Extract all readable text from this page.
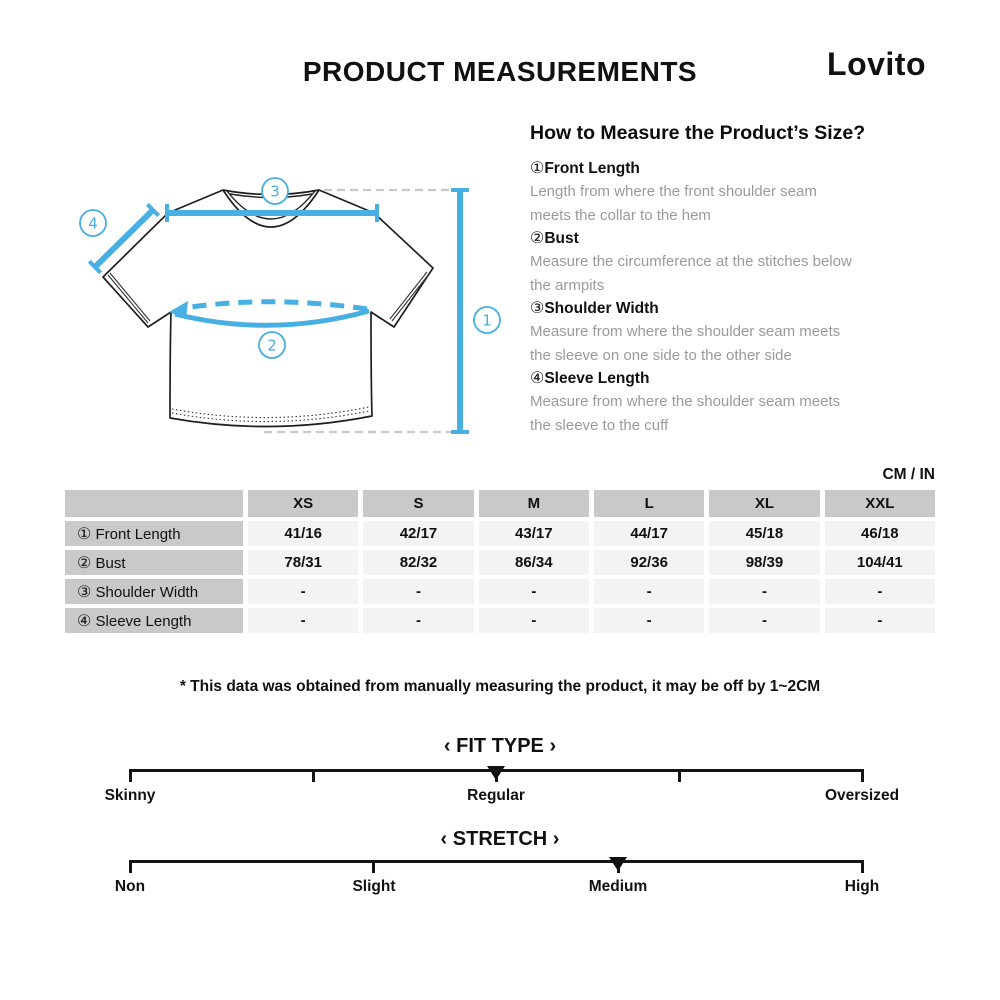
PRODUCT MEASUREMENTS	Lovito
3
4
2
1
How to Measure the Product’s Size?
①Front Length
Length from where the front shoulder seam
meets the collar to the hem
②Bust
Measure the circumference at the stitches below
the armpits
③Shoulder Width
Measure from where the shoulder seam meets
the sleeve on one side to the other side
④Sleeve Length
Measure from where the shoulder seam meets
the sleeve to the cuff
CM / IN
	XS	S	M	L	XL	XXL
① Front Length	41/16	42/17	43/17	44/17	45/18	46/18
② Bust	78/31	82/32	86/34	92/36	98/39	104/41
③ Shoulder Width	-	-	-	-	-	-
④ Sleeve Length	-	-	-	-	-	-
* This data was obtained from manually measuring the product, it may be off by 1~2CM
‹ FIT TYPE ›
Skinny	Regular	Oversized
‹ STRETCH ›
Non	Slight	Medium	High
